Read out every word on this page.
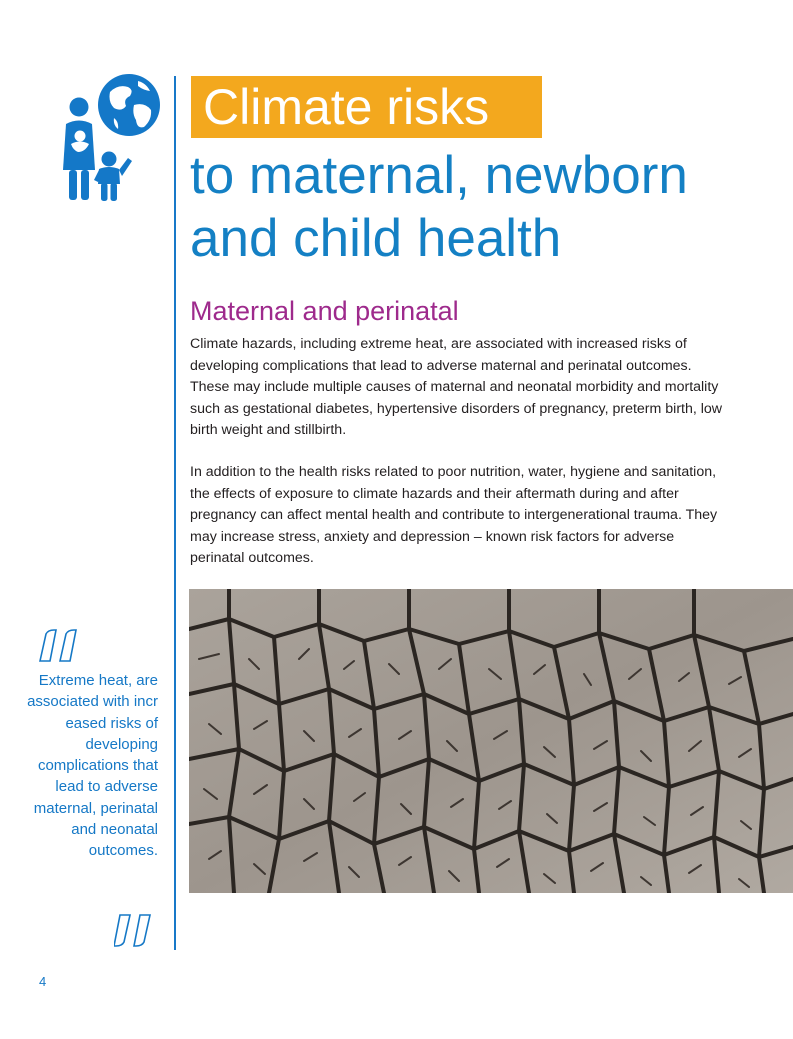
Climate risks
to maternal, newborn and child health
Maternal and perinatal

Climate hazards, including extreme heat, are associated with increased risks of developing complications that lead to adverse maternal and perinatal outcomes. These may include multiple causes of maternal and neonatal morbidity and mortality such as gestational diabetes, hypertensive disorders of pregnancy, preterm birth, low birth weight and stillbirth.

In addition to the health risks related to poor nutrition, water, hygiene and sanitation, the effects of exposure to climate hazards and their aftermath during and after pregnancy can affect mental health and contribute to intergenerational trauma. They may increase stress, anxiety and depression – known risk factors for adverse perinatal outcomes.

Extreme heat, are associated with incr eased risks of developing complications that lead to adverse maternal, perinatal and neonatal outcomes.

4
